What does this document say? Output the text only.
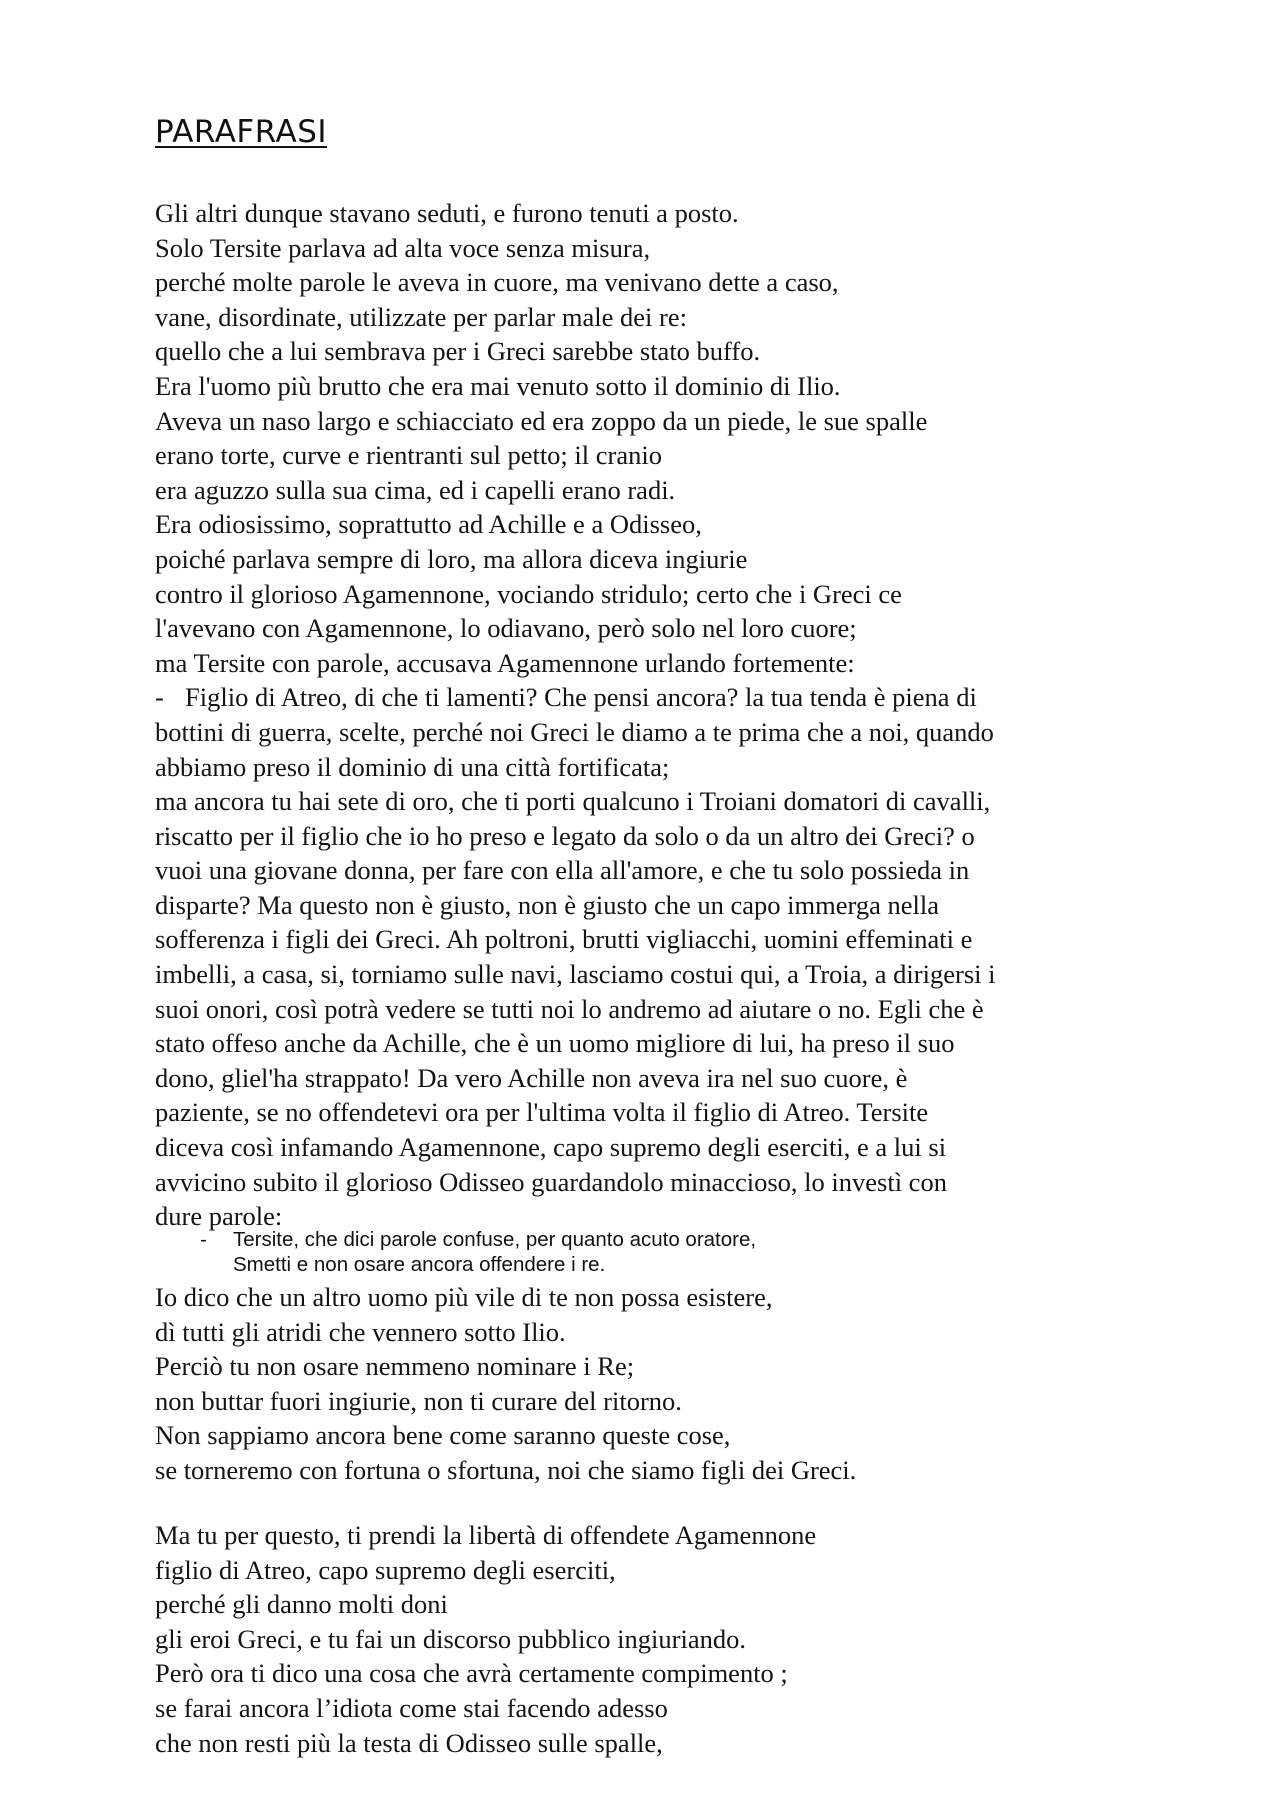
PARAFRASI
Gli altri dunque stavano seduti, e furono tenuti a posto.
Solo Tersite parlava ad alta voce senza misura,
perché molte parole le aveva in cuore, ma venivano dette a caso,
vane, disordinate, utilizzate per parlar male dei re:
quello che a lui sembrava per i Greci sarebbe stato buffo.
Era l'uomo più brutto che era mai venuto sotto il dominio di Ilio.
Aveva un naso largo e schiacciato ed era zoppo da un piede, le sue spalle
erano torte, curve e rientranti sul petto; il cranio
era aguzzo sulla sua cima, ed i capelli erano radi.
Era odiosissimo, soprattutto ad Achille e a Odisseo,
poiché parlava sempre di loro, ma allora diceva ingiurie
contro il glorioso Agamennone, vociando stridulo; certo che i Greci ce
l'avevano con Agamennone, lo odiavano, però solo nel loro cuore;
ma Tersite con parole, accusava Agamennone urlando fortemente:
- Figlio di Atreo, di che ti lamenti? Che pensi ancora? la tua tenda è piena di
bottini di guerra, scelte, perché noi Greci le diamo a te prima che a noi, quando
abbiamo preso il dominio di una città fortificata;
ma ancora tu hai sete di oro, che ti porti qualcuno i Troiani domatori di cavalli,
riscatto per il figlio che io ho preso e legato da solo o da un altro dei Greci? o
vuoi una giovane donna, per fare con ella all'amore, e che tu solo possieda in
disparte? Ma questo non è giusto, non è giusto che un capo immerga nella
sofferenza i figli dei Greci. Ah poltroni, brutti vigliacchi, uomini effeminati e
imbelli, a casa, si, torniamo sulle navi, lasciamo costui qui, a Troia, a dirigersi i
suoi onori, così potrà vedere se tutti noi lo andremo ad aiutare o no. Egli che è
stato offeso anche da Achille, che è un uomo migliore di lui, ha preso il suo
dono, gliel'ha strappato! Da vero Achille non aveva ira nel suo cuore, è
paziente, se no offendetevi ora per l'ultima volta il figlio di Atreo. Tersite
diceva così infamando Agamennone, capo supremo degli eserciti, e a lui si
avvicino subito il glorioso Odisseo guardandolo minaccioso, lo investì con
dure parole:
- Tersite, che dici parole confuse, per quanto acuto oratore,
Smetti e non osare ancora offendere i re.
Io dico che un altro uomo più vile di te non possa esistere,
dì tutti gli atridi che vennero sotto Ilio.
Perciò tu non osare nemmeno nominare i Re;
non buttar fuori ingiurie, non ti curare del ritorno.
Non sappiamo ancora bene come saranno queste cose,
se torneremo con fortuna o sfortuna, noi che siamo figli dei Greci.
Ma tu per questo, ti prendi la libertà di offendete Agamennone
figlio di Atreo, capo supremo degli eserciti,
perché gli danno molti doni
gli eroi Greci, e tu fai un discorso pubblico ingiuriando.
Però ora ti dico una cosa che avrà certamente compimento ;
se farai ancora l’idiota come stai facendo adesso
che non resti più la testa di Odisseo sulle spalle,
